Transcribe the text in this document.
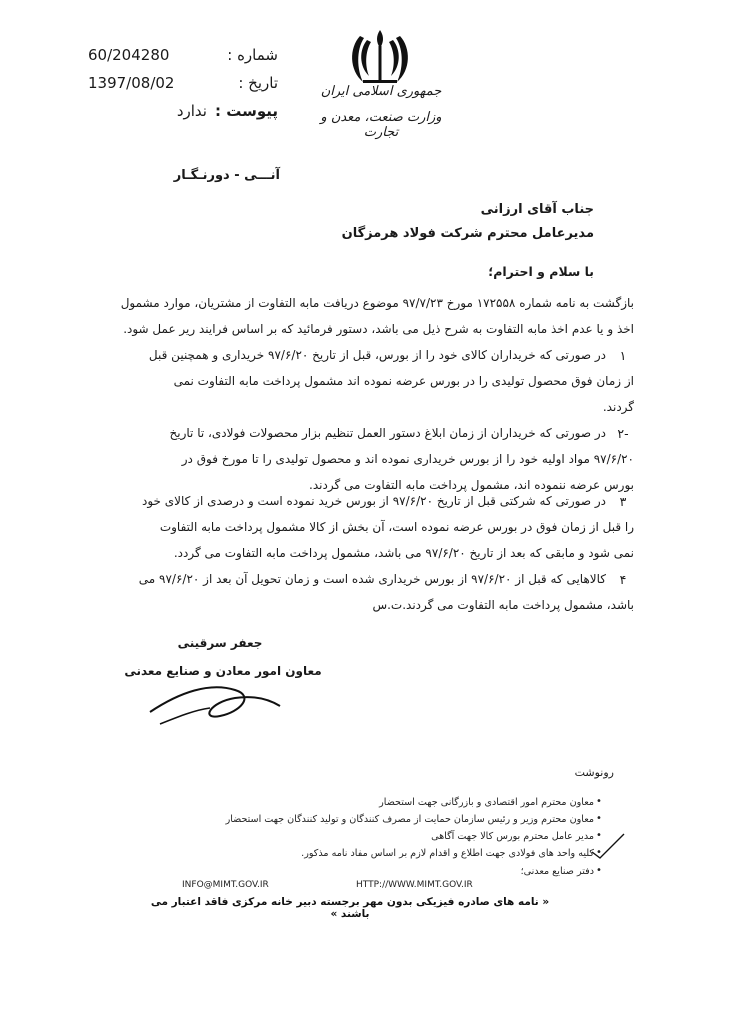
شماره :
60/204280
تاریخ :
1397/08/02
پیوست :
ندارد
جمهوری اسلامی ایران
وزارت صنعت، معدن و تجارت
آنـــی - دورنـگـار
جناب آقای ارزانی
مدیرعامل محترم شرکت فولاد هرمزگان
با سلام و احترام؛
بازگشت به نامه شماره ۱۷۲۵۵۸ مورخ ۹۷/۷/۲۳ موضوع دریافت مابه التفاوت از مشتریان، موارد مشمول
اخذ و یا عدم اخذ مابه التفاوت به شرح ذیل می باشد، دستور فرمائید که بر اساس فرایند ریر عمل شود.
۱
در صورتی که خریداران کالای خود را از بورس، قبل از تاریخ ۹۷/۶/۲۰ خریداری و همچنین قبل
از زمان فوق محصول تولیدی را در بورس عرضه نموده اند مشمول پرداخت مابه التفاوت نمی
گردند.
۲-
در صورتی که خریداران از زمان ابلاغ دستور العمل تنظیم بزار محصولات فولادی، تا تاریخ
۹۷/۶/۲۰ مواد اولیه خود را از بورس خریداری نموده اند و محصول تولیدی را تا مورخ فوق در
بورس عرضه ننموده اند، مشمول پرداخت مابه التفاوت می گردند.
۳
در صورتی که شرکتی قبل از تاریخ ۹۷/۶/۲۰ از بورس خرید نموده است و درصدی از کالای خود
را قبل از زمان فوق در بورس عرضه نموده است، آن بخش از کالا مشمول پرداخت مابه التفاوت
نمی شود و مابقی که بعد از تاریخ ۹۷/۶/۲۰ می باشد، مشمول پرداخت مابه التفاوت می گردد.
۴
کالاهایی که قبل از ۹۷/۶/۲۰ از بورس خریداری شده است و زمان تحویل آن بعد از ۹۷/۶/۲۰ می
باشد، مشمول پرداخت مابه التفاوت می گردند.ت.س
جعفر سرقینی
معاون امور معادن و صنایع معدنی
رونوشت
معاون محترم امور اقتصادی و بازرگانی جهت استحضار •
معاون محترم وزیر و رئیس سازمان حمایت از مصرف کنندگان و تولید کنندگان جهت استحضار •
مدیر عامل محترم بورس کالا جهت آگاهی •
کلیه واحد های فولادی جهت اطلاع و اقدام لازم بر اساس مفاد نامه مذکور. •
دفتر صنایع معدنی؛ •
INFO@MIMT.GOV.IR	HTTP://WWW.MIMT.GOV.IR
« نامه های صادره فیزیکی بدون مهر برجسته دبیر خانه مرکزی فاقد اعتبار می باشند »
